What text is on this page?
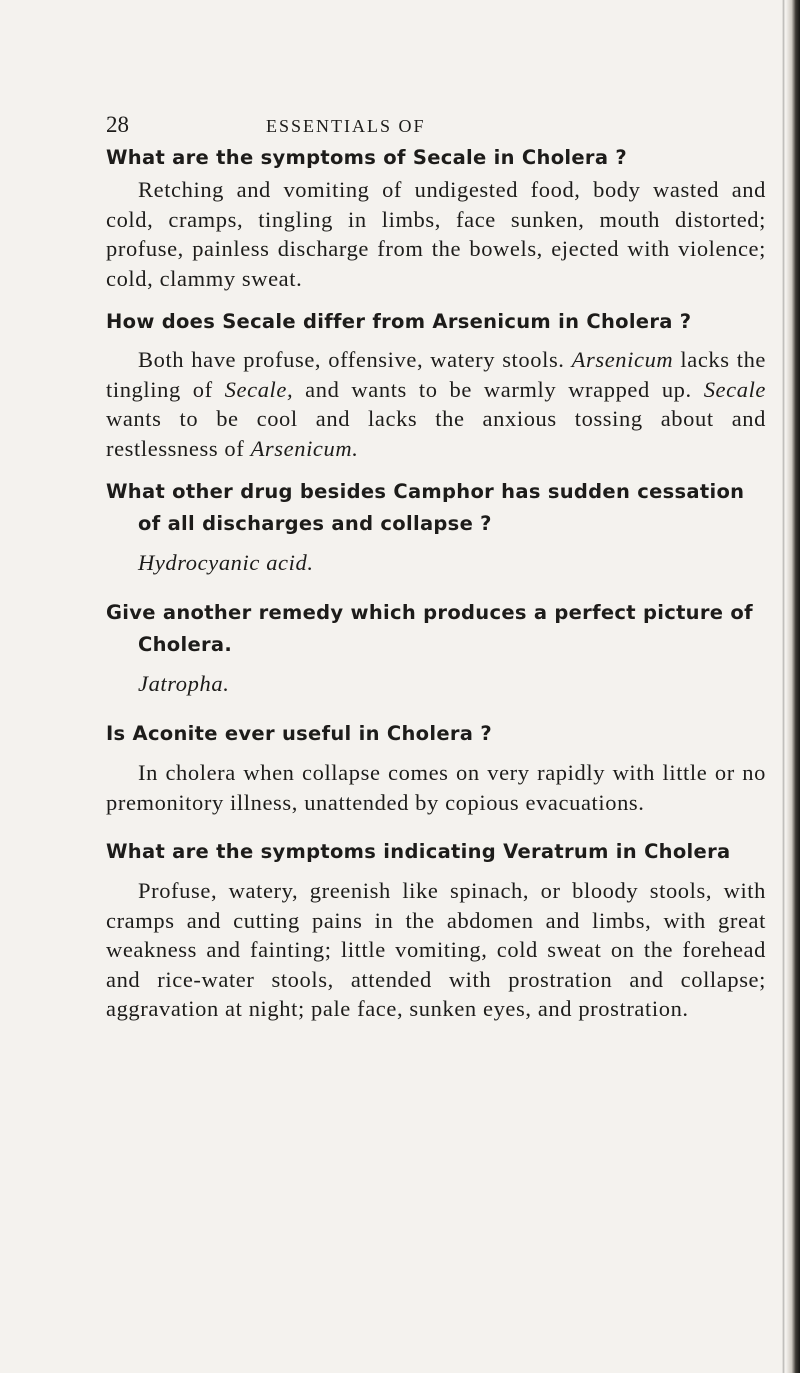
28	ESSENTIALS OF

What are the symptoms of Secale in Cholera ?

Retching and vomiting of undigested food, body wasted and cold, cramps, tingling in limbs, face sunken, mouth distorted; profuse, painless discharge from the bowels, ejected with violence; cold, clammy sweat.

How does Secale differ from Arsenicum in Cholera ?

Both have profuse, offensive, watery stools. Arsenicum lacks the tingling of Secale, and wants to be warmly wrapped up. Secale wants to be cool and lacks the anxious tossing about and restlessness of Arsenicum.

What other drug besides Camphor has sudden cessation of all discharges and collapse ?

Hydrocyanic acid.

Give another remedy which produces a perfect picture of Cholera.

Jatropha.

Is Aconite ever useful in Cholera ?

In cholera when collapse comes on very rapidly with little or no premonitory illness, unattended by copious evacuations.

What are the symptoms indicating Veratrum in Cholera

Profuse, watery, greenish like spinach, or bloody stools, with cramps and cutting pains in the abdomen and limbs, with great weakness and fainting; little vomiting, cold sweat on the forehead and rice-water stools, attended with prostration and collapse; aggravation at night; pale face, sunken eyes, and prostration.
